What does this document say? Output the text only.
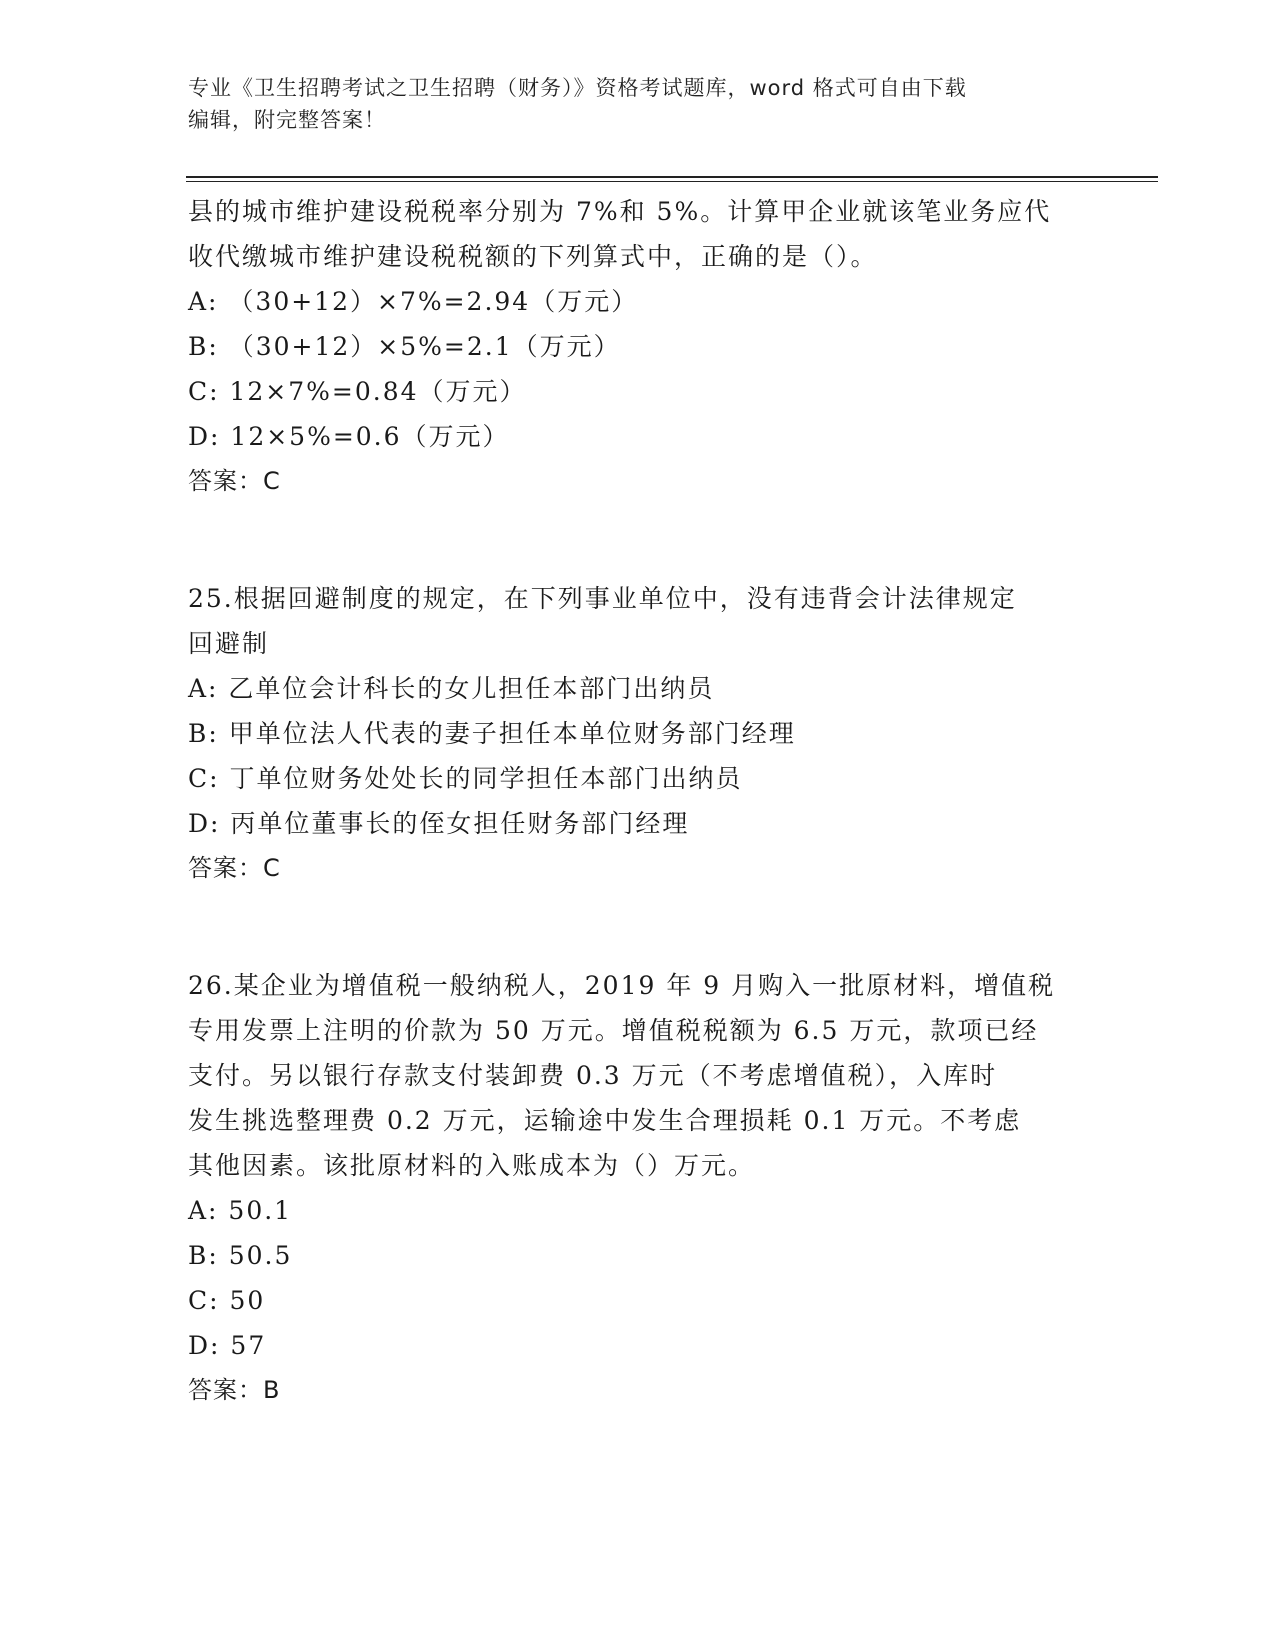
专业《卫生招聘考试之卫生招聘（财务）》资格考试题库，word 格式可自由下载

编辑，附完整答案！

县的城市维护建设税税率分别为 7%和 5%。计算甲企业就该笔业务应代

收代缴城市维护建设税税额的下列算式中，正确的是（）。

A: （30+12）×7%=2.94（万元）

B: （30+12）×5%=2.1（万元）

C: 12×7%=0.84（万元）

D: 12×5%=0.6（万元）

答案：C

25.根据回避制度的规定，在下列事业单位中，没有违背会计法律规定

回避制

A: 乙单位会计科长的女儿担任本部门出纳员

B: 甲单位法人代表的妻子担任本单位财务部门经理

C: 丁单位财务处处长的同学担任本部门出纳员

D: 丙单位董事长的侄女担任财务部门经理

答案：C

26.某企业为增值税一般纳税人，2019 年 9 月购入一批原材料，增值税

专用发票上注明的价款为 50 万元。增值税税额为 6.5 万元，款项已经

支付。另以银行存款支付装卸费 0.3 万元（不考虑增值税），入库时

发生挑选整理费 0.2 万元，运输途中发生合理损耗 0.1 万元。不考虑

其他因素。该批原材料的入账成本为（）万元。

A: 50.1

B: 50.5

C: 50

D: 57

答案：B
